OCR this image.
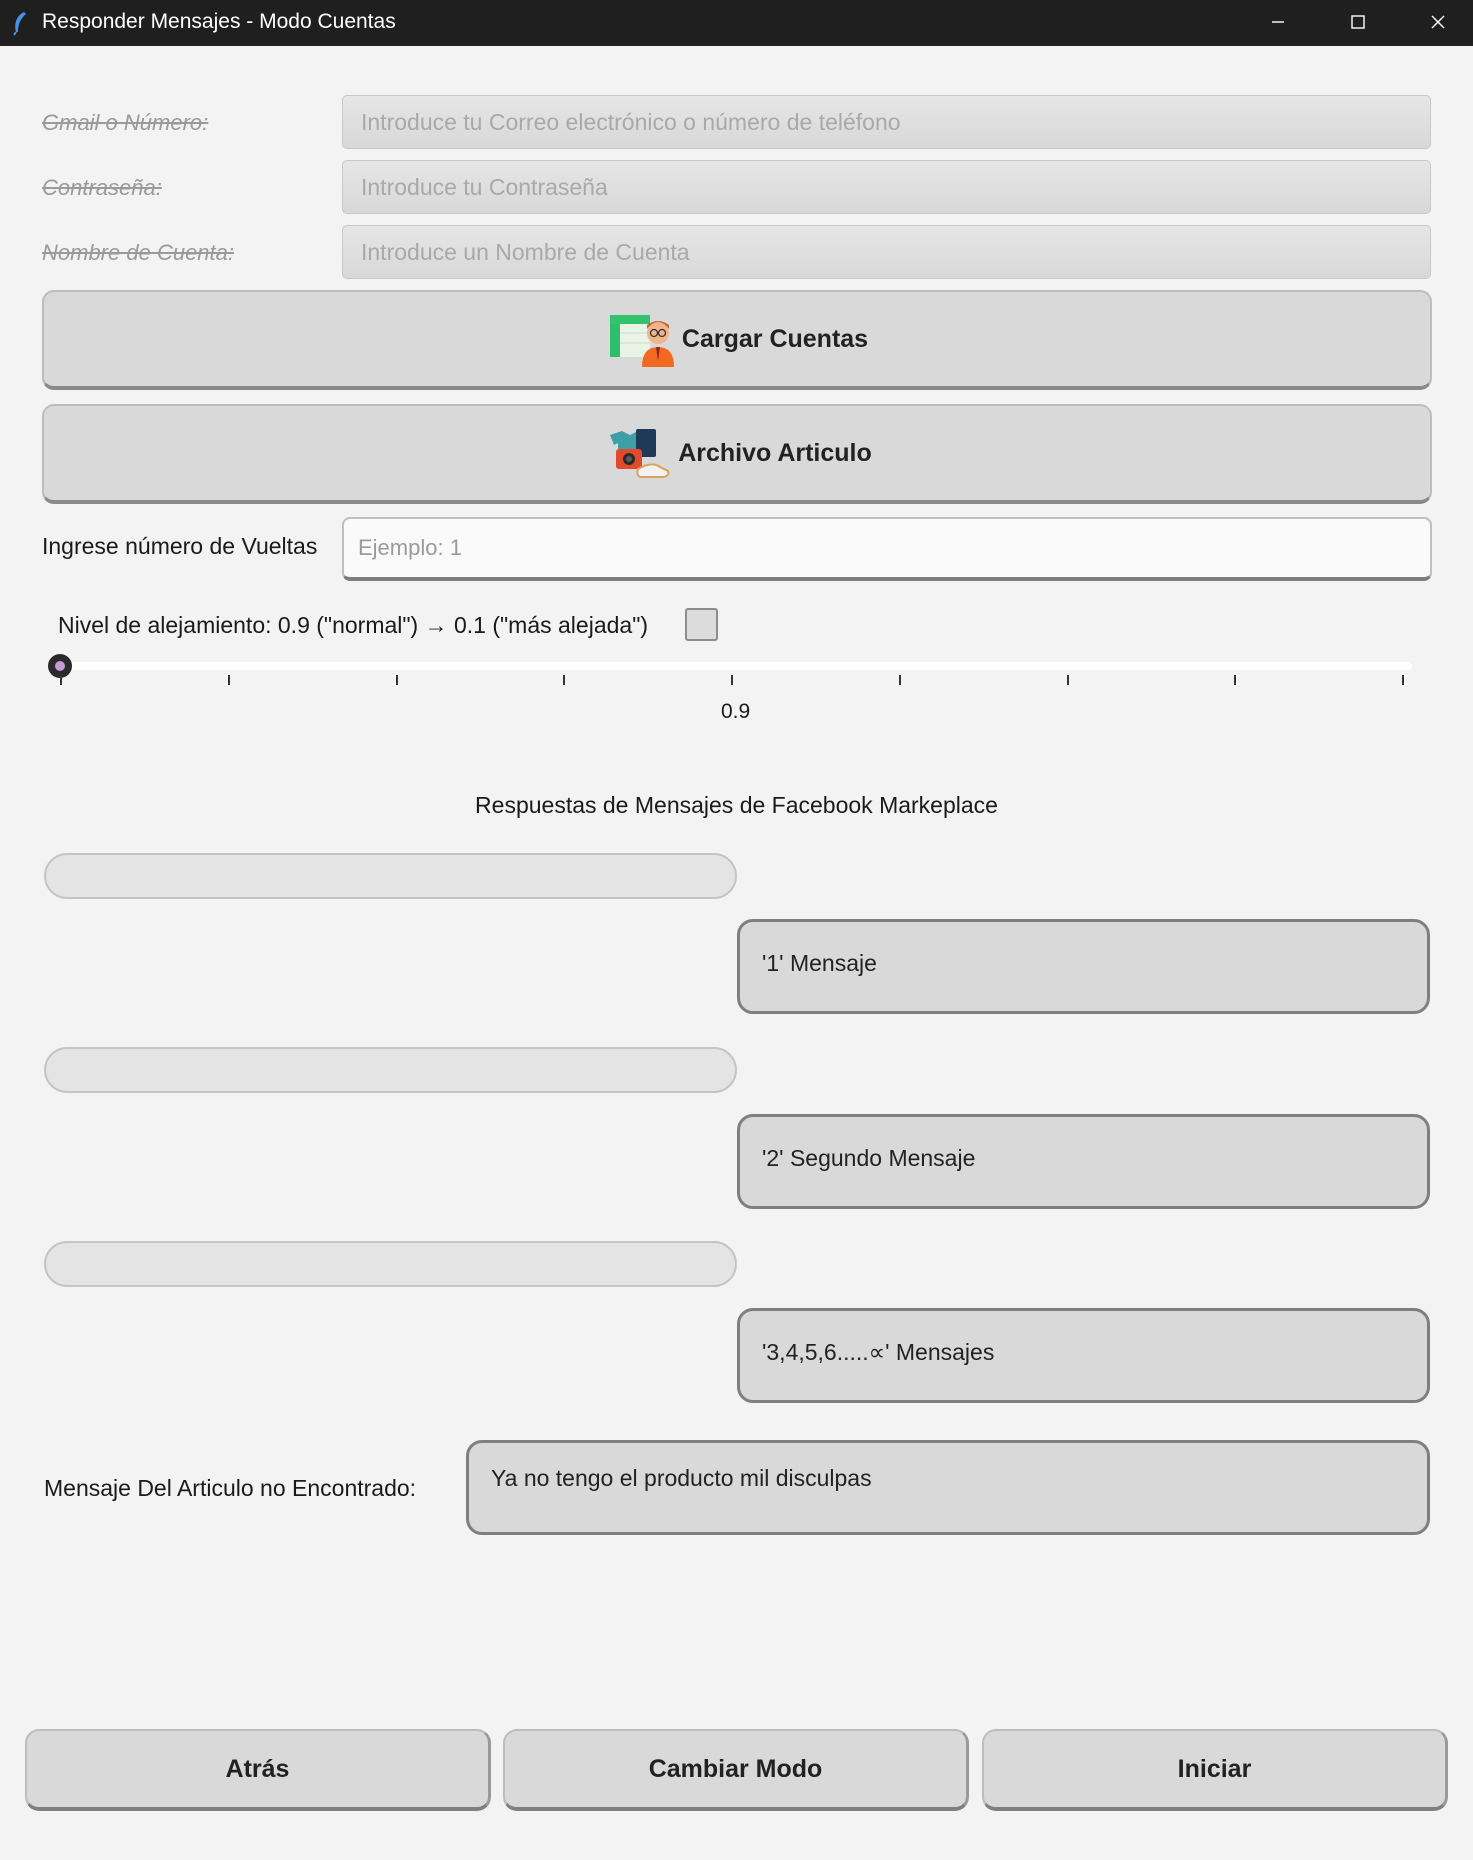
Responder Mensajes - Modo Cuentas
Gmail o Número:	Introduce tu Correo electrónico o número de teléfono
Contraseña:	Introduce tu Contraseña
Nombre de Cuenta:	Introduce un Nombre de Cuenta
Cargar Cuentas
Archivo Articulo
Ingrese número de Vueltas	Ejemplo: 1
Nivel de alejamiento: 0.9 ("normal") → 0.1 ("más alejada")
0.9
Respuestas de Mensajes de Facebook Markeplace
'1' Mensaje
'2' Segundo Mensaje
'3,4,5,6.....∝' Mensajes
Mensaje Del Articulo no Encontrado:	Ya no tengo el producto mil disculpas
Atrás	Cambiar Modo	Iniciar
